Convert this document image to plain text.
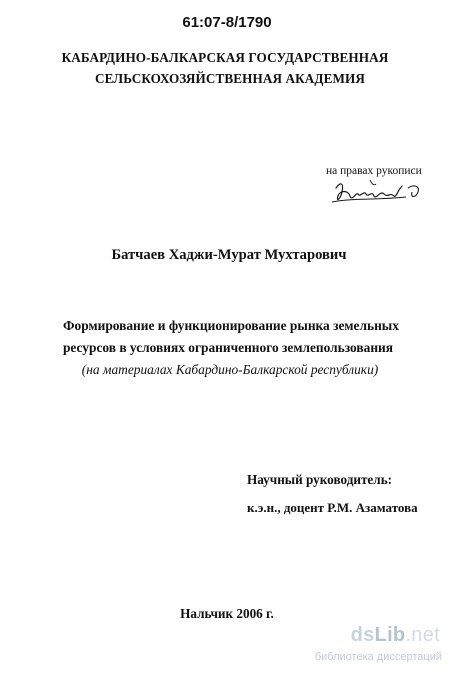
61:07-8/1790
КАБАРДИНО-БАЛКАРСКАЯ ГОСУДАРСТВЕННАЯ
СЕЛЬСКОХОЗЯЙСТВЕННАЯ АКАДЕМИЯ
на правах рукописи
Батчаев Хаджи-Мурат Мухтарович
Формирование и функционирование рынка земельных
ресурсов в условиях ограниченного землепользования
(на материалах Кабардино-Балкарской республики)
Научный руководитель:
к.э.н., доцент Р.М. Азаматова
Нальчик 2006 г.
dsLib.net
библиотека диссертаций
